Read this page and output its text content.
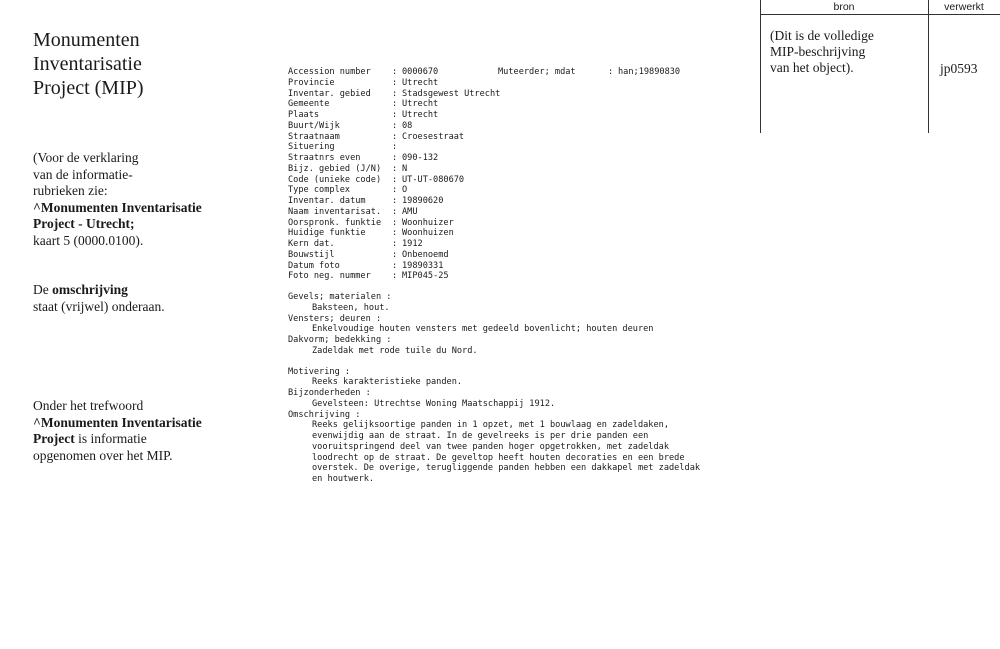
Monumenten
Inventarisatie
Project (MIP)
(Voor de verklaring
van de informatie-
rubrieken zie:
^Monumenten Inventarisatie
Project - Utrecht;
kaart 5 (0000.0100).
De omschrijving
staat (vrijwel) onderaan.
Onder het trefwoord
^Monumenten Inventarisatie
Project is informatie
opgenomen over het MIP.
Accession number	: 0000670	Muteerder; mdat	: han;19890830
Provincie	: Utrecht
Inventar. gebied	: Stadsgewest Utrecht
Gemeente	: Utrecht
Plaats	: Utrecht
Buurt/Wijk	: 08
Straatnaam	: Croesestraat
Situering	:
Straatnrs even	: 090-132
Bijz. gebied (J/N)	: N
Code (unieke code)	: UT-UT-080670
Type complex	: O
Inventar. datum	: 19890620
Naam inventarisat.	: AMU
Oorspronk. funktie	: Woonhuizer
Huidige funktie	: Woonhuizen
Kern dat.	: 1912
Bouwstijl	: Onbenoemd
Datum foto	: 19890331
Foto neg. nummer	: MIP045-25
Gevels; materialen :
Baksteen, hout.
Vensters; deuren :
Enkelvoudige houten vensters met gedeeld bovenlicht; houten deuren
Dakvorm; bedekking :
Zadeldak met rode tuile du Nord.
Motivering :
Reeks karakteristieke panden.
Bijzonderheden :
Gevelsteen: Utrechtse Woning Maatschappij 1912.
Omschrijving :
Reeks gelijksoortige panden in 1 opzet, met 1 bouwlaag en zadeldaken,
evenwijdig aan de straat. In de gevelreeks is per drie panden een
vooruitspringend deel van twee panden hoger opgetrokken, met zadeldak
loodrecht op de straat. De geveltop heeft houten decoraties en een brede
overstek. De overige, terugliggende panden hebben een dakkapel met zadeldak
en houtwerk.
bron	verwerkt
(Dit is de volledige
MIP-beschrijving
van het object).	jp0593
